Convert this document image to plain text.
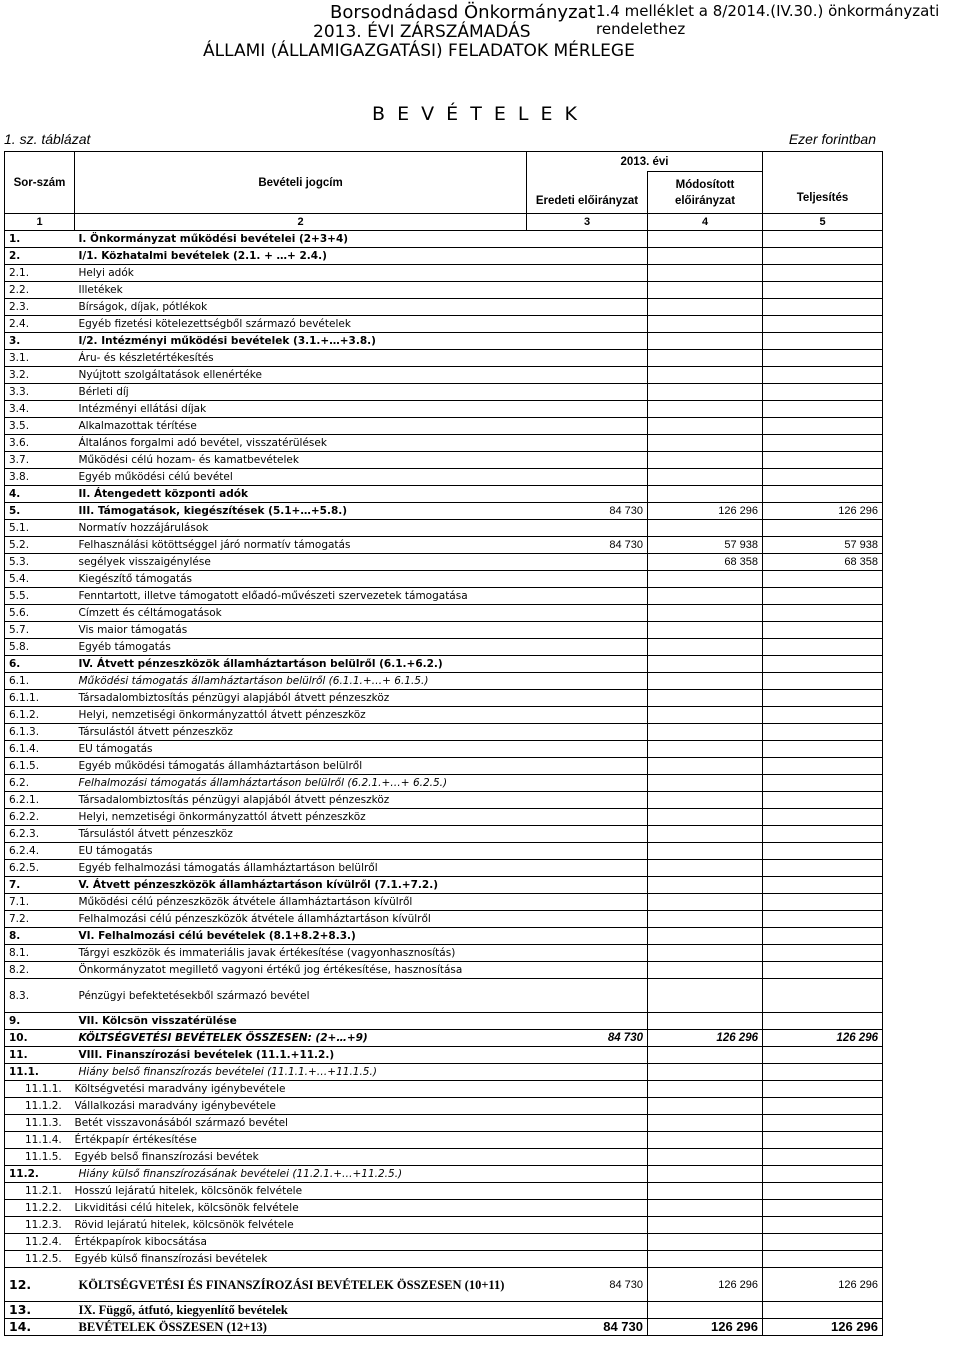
Borsodnádasd Önkormányzat 1.4 melléklet a 8/2014.(IV.30.) önkormányzati rendelethez
2013. ÉVI ZÁRSZÁMADÁS
ÁLLAMI (ÁLLAMIGAZGATÁSI) FELADATOK MÉRLEGE
B E V É T E L E K
1. sz. táblázat	Ezer forintban
Sor-szám	Bevételi jogcím	2013. évi		Teljesítés
		Eredeti előirányzat	Módosított előirányzat	

1	2	3	4	5
1.	I. Önkormányzat működési bevételei (2+3+4)			
2.	I/1. Közhatalmi bevételek (2.1. + …+ 2.4.)			
2.1.	Helyi adók			
2.2.	Illetékek			
2.3.	Bírságok, díjak, pótlékok			
2.4.	Egyéb fizetési kötelezettségből származó bevételek			
3.	I/2. Intézményi működési bevételek (3.1.+…+3.8.)			
3.1.	Áru- és készletértékesítés			
3.2.	Nyújtott szolgáltatások ellenértéke			
3.3.	Bérleti díj			
3.4.	Intézményi ellátási díjak			
3.5.	Alkalmazottak térítése			
3.6.	Általános forgalmi adó bevétel, visszatérülések			
3.7.	Működési célú hozam- és kamatbevételek			
3.8.	Egyéb működési célú bevétel			
4.	II. Átengedett központi adók			
5.	III. Támogatások, kiegészítések (5.1+…+5.8.)	84 730	126 296	126 296
5.1.	Normatív hozzájárulások			
5.2.	Felhasználási kötöttséggel járó normatív támogatás	84 730	57 938	57 938
5.3.	segélyek visszaigénylése		68 358	68 358
5.4.	Kiegészítő támogatás			
5.5.	Fenntartott, illetve támogatott előadó-művészeti szervezetek támogatása			
5.6.	Címzett és céltámogatások			
5.7.	Vis maior támogatás			
5.8.	Egyéb támogatás			
6.	IV. Átvett pénzeszközök államháztartáson belülről (6.1.+6.2.)			
6.1.	Működési támogatás államháztartáson belülről (6.1.1.+…+ 6.1.5.)			
6.1.1.	Társadalombiztosítás pénzügyi alapjából átvett pénzeszköz			
6.1.2.	Helyi, nemzetiségi önkormányzattól átvett pénzeszköz			
6.1.3.	Társulástól átvett pénzeszköz			
6.1.4.	EU támogatás			
6.1.5.	Egyéb működési támogatás államháztartáson belülről			
6.2.	Felhalmozási támogatás államháztartáson belülről (6.2.1.+…+ 6.2.5.)			
6.2.1.	Társadalombiztosítás pénzügyi alapjából átvett pénzeszköz			
6.2.2.	Helyi, nemzetiségi önkormányzattól átvett pénzeszköz			
6.2.3.	Társulástól átvett pénzeszköz			
6.2.4.	EU támogatás			
6.2.5.	Egyéb felhalmozási támogatás államháztartáson belülről			
7.	V. Átvett pénzeszközök államháztartáson kívülről (7.1.+7.2.)			
7.1.	Működési célú pénzeszközök átvétele államháztartáson kívülről			
7.2.	Felhalmozási célú pénzeszközök átvétele államháztartáson kívülről			
8.	VI. Felhalmozási célú bevételek (8.1+8.2+8.3.)			
8.1.	Tárgyi eszközök és immateriális javak értékesítése (vagyonhasznosítás)			
8.2.	Önkormányzatot megillető vagyoni értékű jog értékesítése, hasznosítása			
8.3.	Pénzügyi befektetésekből származó bevétel			
9.	VII. Kölcsön visszatérülése			
10.	KÖLTSÉGVETÉSI BEVÉTELEK ÖSSZESEN: (2+…+9)	84 730	126 296	126 296
11.	VIII. Finanszírozási bevételek (11.1.+11.2.)			
11.1.	Hiány belső finanszírozás bevételei (11.1.1.+…+11.1.5.)			
11.1.1.	Költségvetési maradvány igénybevétele			
11.1.2.	Vállalkozási maradvány igénybevétele			
11.1.3.	Betét visszavonásából származó bevétel			
11.1.4.	Értékpapír értékesítése			
11.1.5.	Egyéb belső finanszírozási bevétek			
11.2.	Hiány külső finanszírozásának bevételei (11.2.1.+…+11.2.5.)			
11.2.1.	Hosszú lejáratú hitelek, kölcsönök felvétele			
11.2.2.	Likviditási célú hitelek, kölcsönök felvétele			
11.2.3.	Rövid lejáratú hitelek, kölcsönök felvétele			
11.2.4.	Értékpapírok kibocsátása			
11.2.5.	Egyéb külső finanszírozási bevételek			
12.	KÖLTSÉGVETÉSI ÉS FINANSZÍROZÁSI BEVÉTELEK ÖSSZESEN (10+11)	84 730	126 296	126 296
13.	IX. Függő, átfutó, kiegyenlítő bevételek			
14.	BEVÉTELEK ÖSSZESEN (12+13)	84 730	126 296	126 296
